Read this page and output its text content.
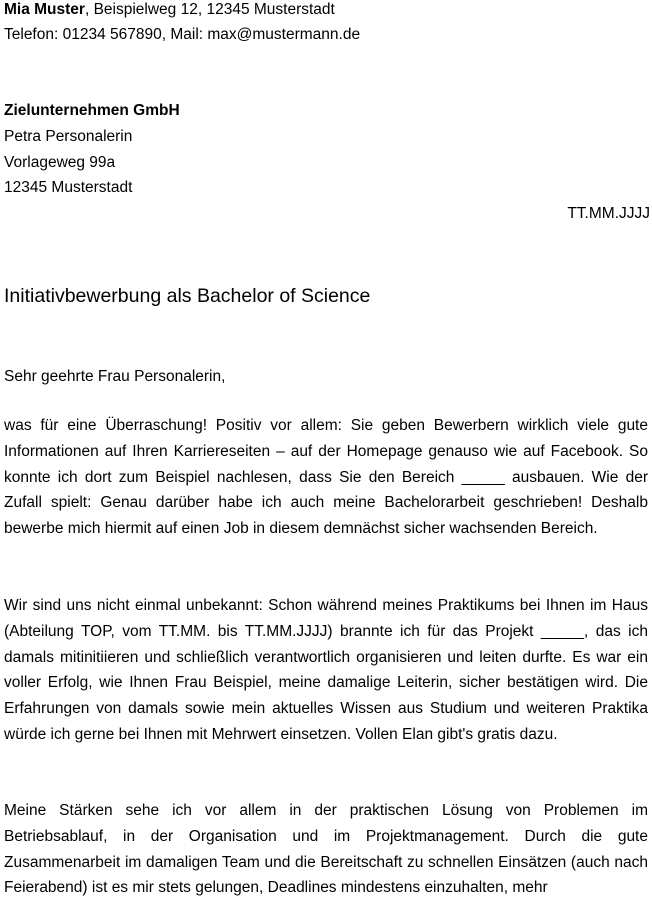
Mia Muster, Beispielweg 12, 12345 Musterstadt
Telefon: 01234 567890, Mail: max@mustermann.de
Zielunternehmen GmbH
Petra Personalerin
Vorlageweg 99a
12345 Musterstadt
TT.MM.JJJJ
Initiativbewerbung als Bachelor of Science
Sehr geehrte Frau Personalerin,

was für eine Überraschung! Positiv vor allem: Sie geben Bewerbern wirklich viele gute Informationen auf Ihren Karriereseiten – auf der Homepage genauso wie auf Facebook. So konnte ich dort zum Beispiel nachlesen, dass Sie den Bereich _____ ausbauen. Wie der Zufall spielt: Genau darüber habe ich auch meine Bachelorarbeit geschrieben! Deshalb bewerbe mich hiermit auf einen Job in diesem demnächst sicher wachsenden Bereich.

Wir sind uns nicht einmal unbekannt: Schon während meines Praktikums bei Ihnen im Haus (Abteilung TOP, vom TT.MM. bis TT.MM.JJJJ) brannte ich für das Projekt _____, das ich damals mitinitiieren und schließlich verantwortlich organisieren und leiten durfte. Es war ein voller Erfolg, wie Ihnen Frau Beispiel, meine damalige Leiterin, sicher bestätigen wird. Die Erfahrungen von damals sowie mein aktuelles Wissen aus Studium und weiteren Praktika würde ich gerne bei Ihnen mit Mehrwert einsetzen. Vollen Elan gibt's gratis dazu.

Meine Stärken sehe ich vor allem in der praktischen Lösung von Problemen im Betriebsablauf, in der Organisation und im Projektmanagement. Durch die gute Zusammenarbeit im damaligen Team und die Bereitschaft zu schnellen Einsätzen (auch nach Feierabend) ist es mir stets gelungen, Deadlines mindestens einzuhalten, mehr
